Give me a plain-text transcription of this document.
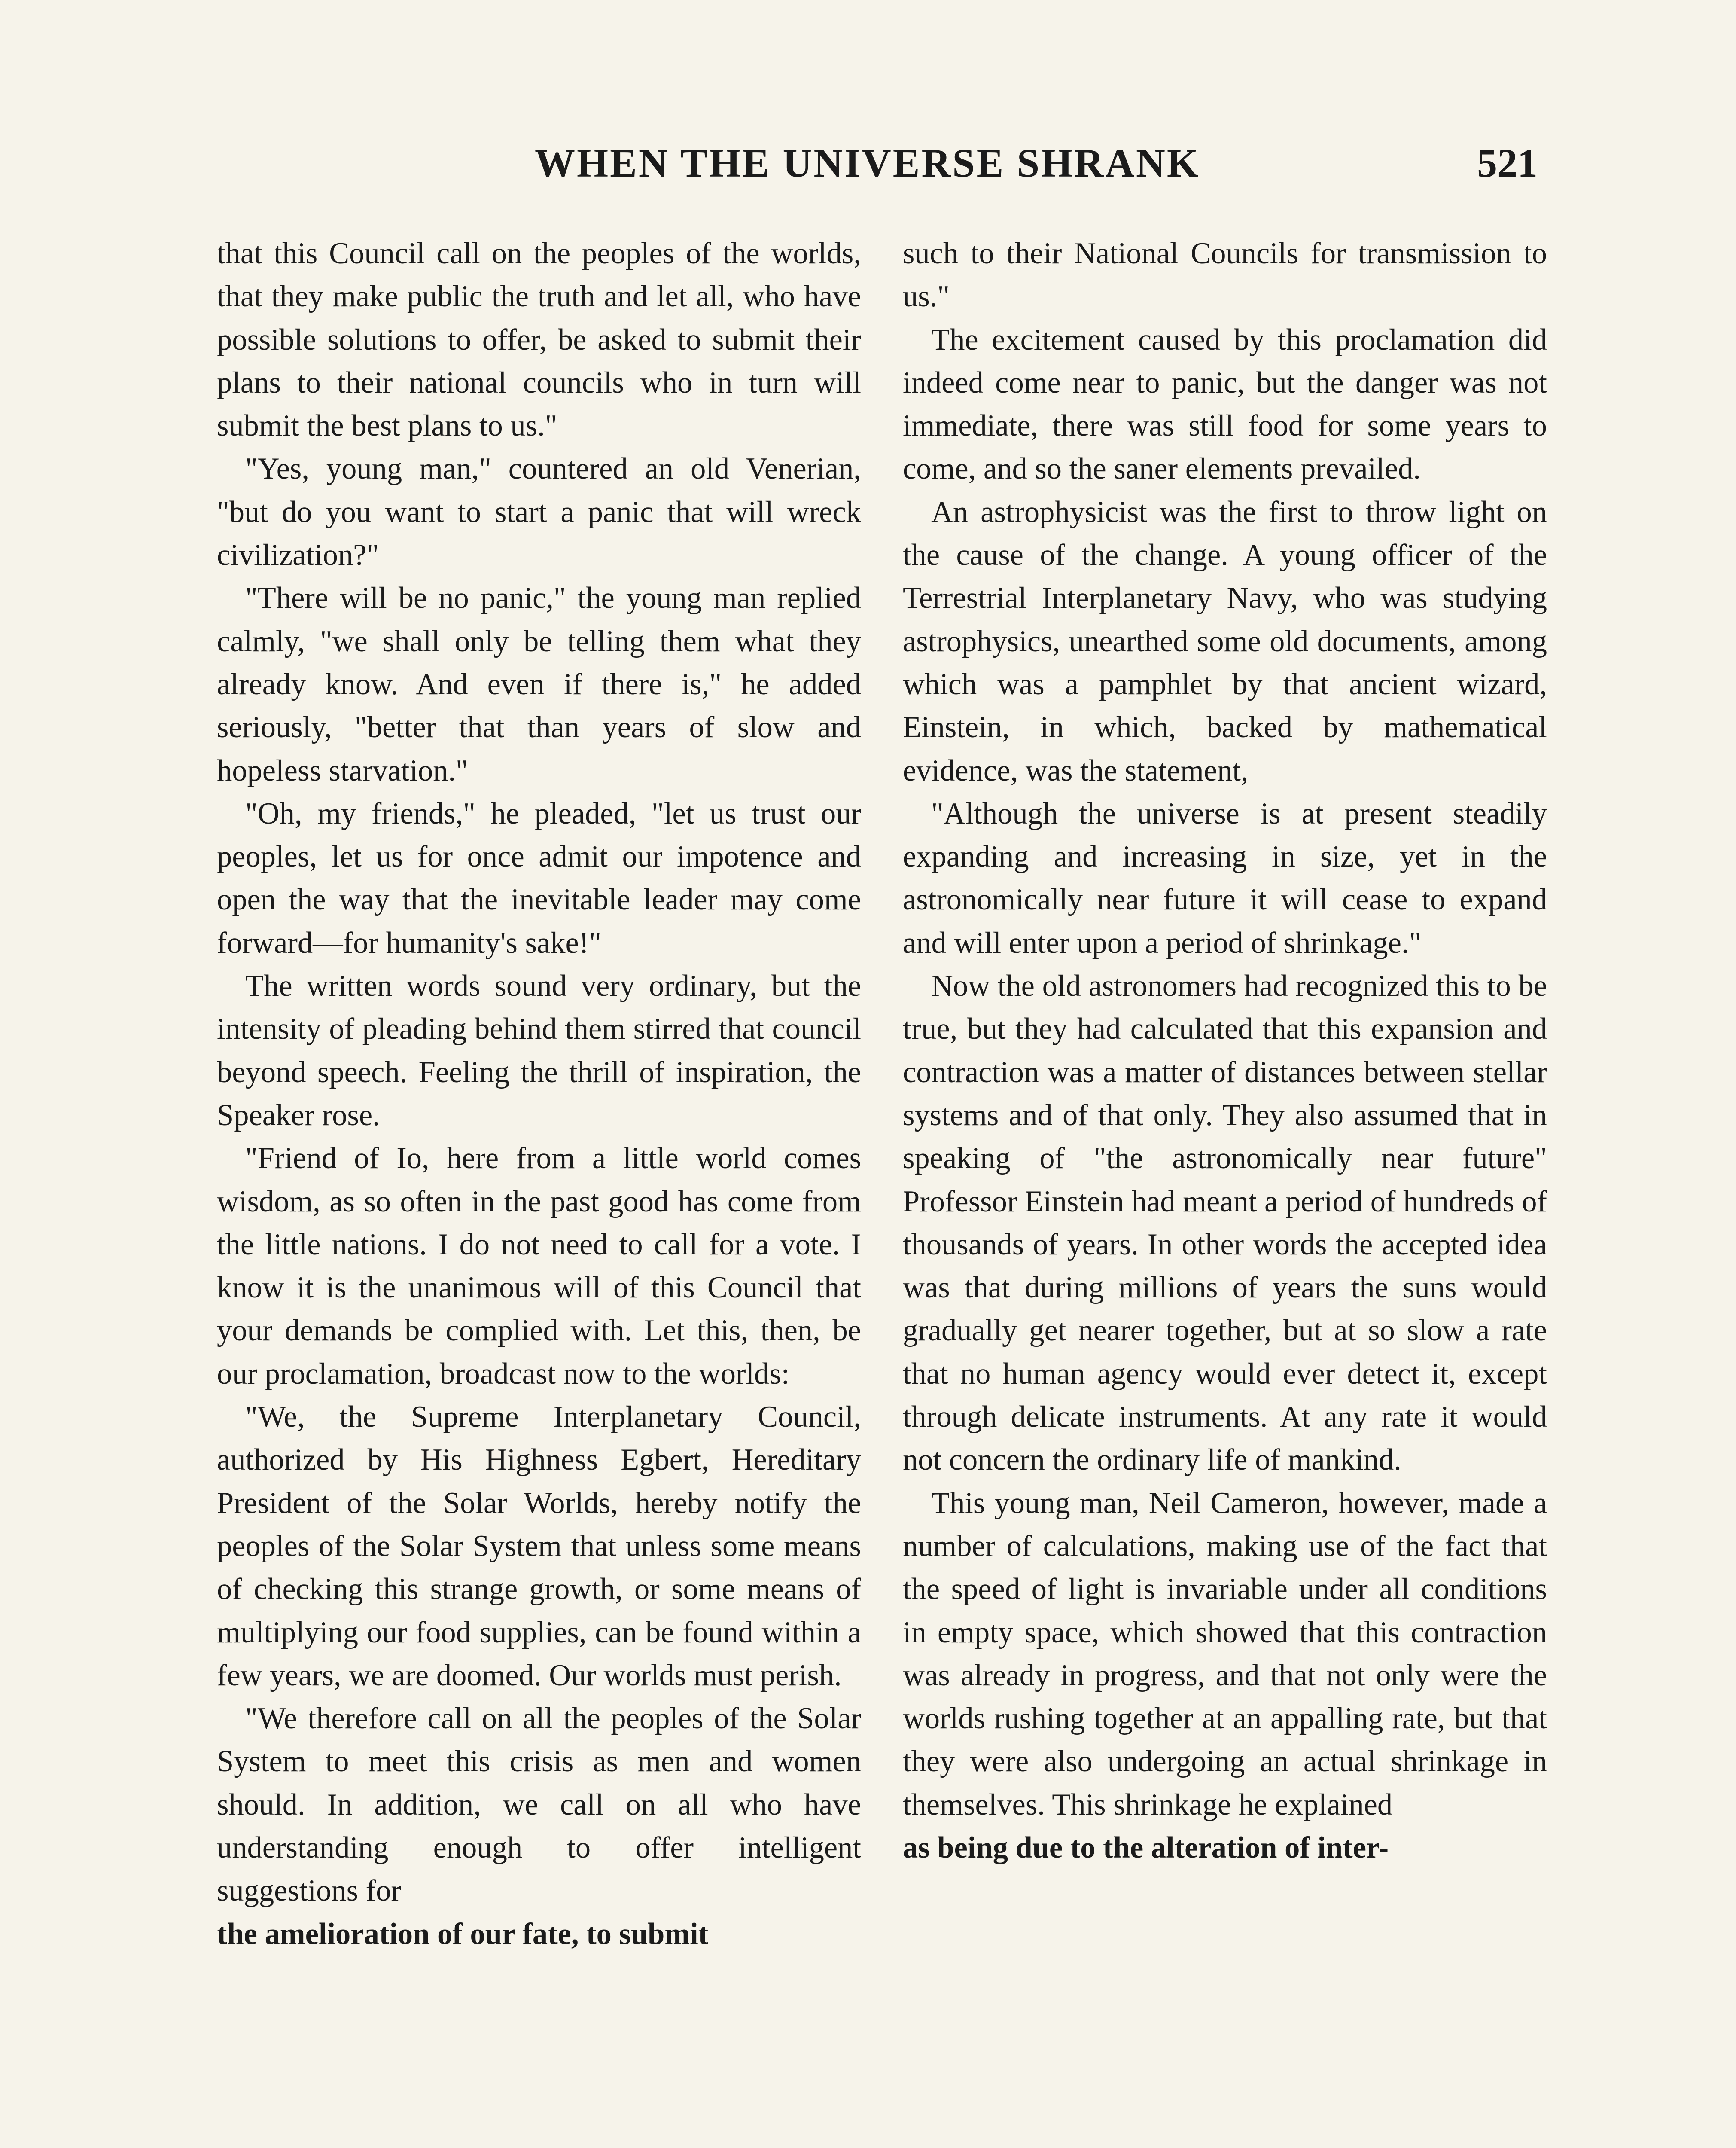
WHEN THE UNIVERSE SHRANK	521

that this Council call on the peoples of the worlds, that they make public the truth and let all, who have possible solutions to offer, be asked to submit their plans to their national councils who in turn will submit the best plans to us."

"Yes, young man," countered an old Venerian, "but do you want to start a panic that will wreck civilization?"

"There will be no panic," the young man replied calmly, "we shall only be telling them what they already know. And even if there is," he added seriously, "better that than years of slow and hopeless starvation."

"Oh, my friends," he pleaded, "let us trust our peoples, let us for once admit our impotence and open the way that the inevitable leader may come forward—for humanity's sake!"

The written words sound very ordinary, but the intensity of pleading behind them stirred that council beyond speech. Feeling the thrill of inspiration, the Speaker rose.

"Friend of Io, here from a little world comes wisdom, as so often in the past good has come from the little nations. I do not need to call for a vote. I know it is the unanimous will of this Council that your demands be complied with. Let this, then, be our proclamation, broadcast now to the worlds:

"We, the Supreme Interplanetary Council, authorized by His Highness Egbert, Hereditary President of the Solar Worlds, hereby notify the peoples of the Solar System that unless some means of checking this strange growth, or some means of multiplying our food supplies, can be found within a few years, we are doomed. Our worlds must perish.

"We therefore call on all the peoples of the Solar System to meet this crisis as men and women should. In addition, we call on all who have understanding enough to offer intelligent suggestions for

the amelioration of our fate, to submit

such to their National Councils for transmission to us."

The excitement caused by this proclamation did indeed come near to panic, but the danger was not immediate, there was still food for some years to come, and so the saner elements prevailed.

An astrophysicist was the first to throw light on the cause of the change. A young officer of the Terrestrial Interplanetary Navy, who was studying astrophysics, unearthed some old documents, among which was a pamphlet by that ancient wizard, Einstein, in which, backed by mathematical evidence, was the statement,

"Although the universe is at present steadily expanding and increasing in size, yet in the astronomically near future it will cease to expand and will enter upon a period of shrinkage."

Now the old astronomers had recognized this to be true, but they had calculated that this expansion and contraction was a matter of distances between stellar systems and of that only. They also assumed that in speaking of "the astronomically near future" Professor Einstein had meant a period of hundreds of thousands of years. In other words the accepted idea was that during millions of years the suns would gradually get nearer together, but at so slow a rate that no human agency would ever detect it, except through delicate instruments. At any rate it would not concern the ordinary life of mankind.

This young man, Neil Cameron, however, made a number of calculations, making use of the fact that the speed of light is invariable under all conditions in empty space, which showed that this contraction was already in progress, and that not only were the worlds rushing together at an appalling rate, but that they were also undergoing an actual shrinkage in themselves. This shrinkage he explained

as being due to the alteration of inter-
